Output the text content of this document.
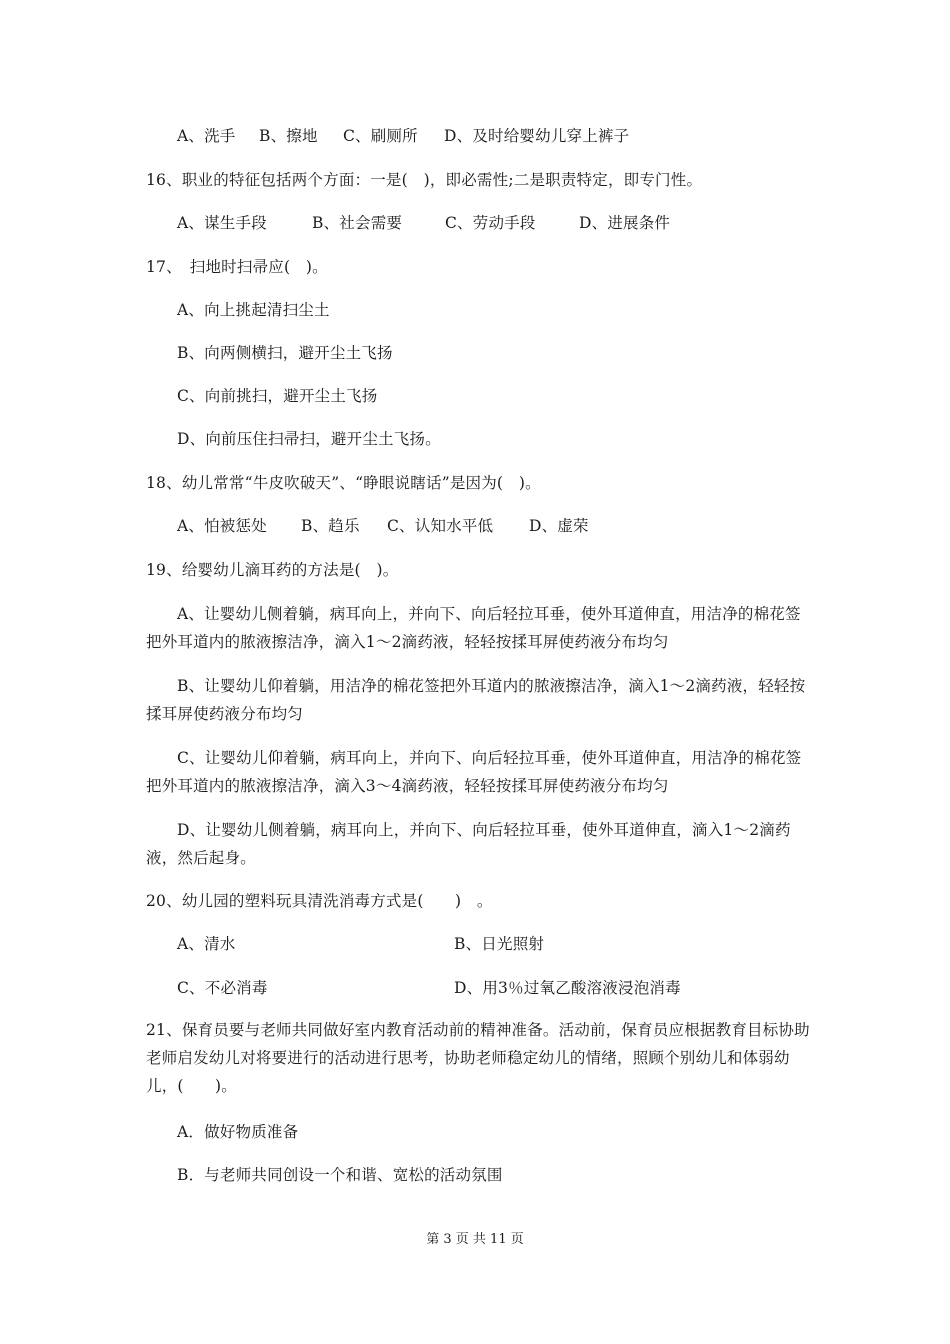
A、洗手 B、擦地 C、刷厕所 D、及时给婴幼儿穿上裤子
16、职业的特征包括两个方面：一是(　)，即必需性;二是职责特定，即专门性。
A、谋生手段	B、社会需要	C、劳动手段	D、进展条件
17、　扫地时扫帚应(　)。
A、向上挑起清扫尘土
B、向两侧横扫，避开尘土飞扬
C、向前挑扫，避开尘土飞扬
D、向前压住扫帚扫，避开尘土飞扬。
18、幼儿常常“牛皮吹破天”、“睁眼说瞎话”是因为(　)。
A、怕被惩处 B、趋乐 C、认知水平低 D、虚荣
19、给婴幼儿滴耳药的方法是(　)。
A、让婴幼儿侧着躺，病耳向上，并向下、向后轻拉耳垂，使外耳道伸直，用洁净的棉花签把外耳道内的脓液擦洁净，滴入1～2滴药液，轻轻按揉耳屏使药液分布均匀
B、让婴幼儿仰着躺，用洁净的棉花签把外耳道内的脓液擦洁净，滴入1～2滴药液，轻轻按揉耳屏使药液分布均匀
C、让婴幼儿仰着躺，病耳向上，并向下、向后轻拉耳垂，使外耳道伸直，用洁净的棉花签把外耳道内的脓液擦洁净，滴入3～4滴药液，轻轻按揉耳屏使药液分布均匀
D、让婴幼儿侧着躺，病耳向上，并向下、向后轻拉耳垂，使外耳道伸直，滴入1～2滴药液，然后起身。
20、幼儿园的塑料玩具清洗消毒方式是(　　)　。
A、清水	B、日光照射
C、不必消毒	D、用3％过氧乙酸溶液浸泡消毒
21、保育员要与老师共同做好室内教育活动前的精神准备。活动前，保育员应根据教育目标协助老师启发幼儿对将要进行的活动进行思考，协助老师稳定幼儿的情绪，照顾个别幼儿和体弱幼儿，(　　)。
A．做好物质准备
B．与老师共同创设一个和谐、宽松的活动氛围
第 3 页 共 11 页
